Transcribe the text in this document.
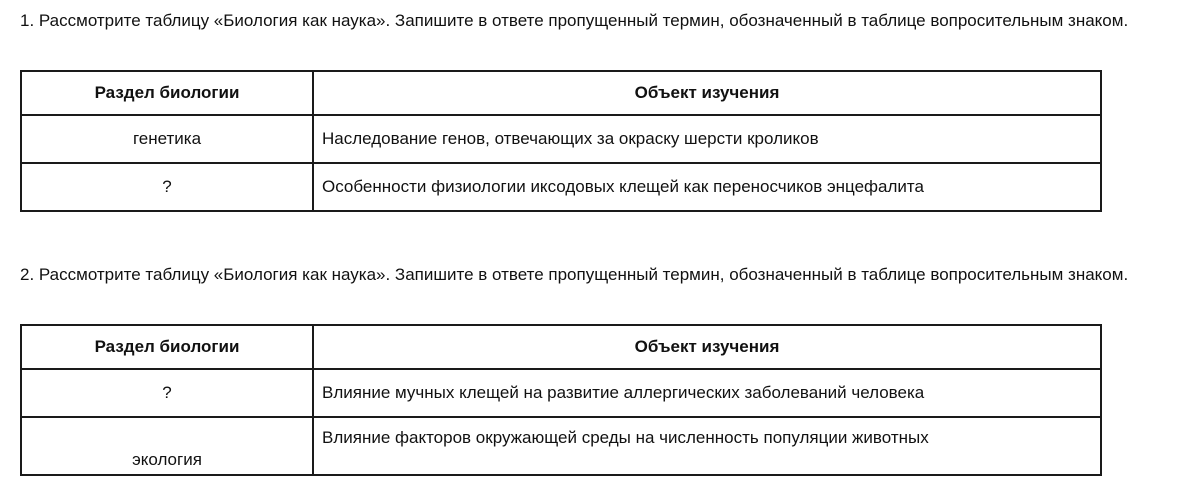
1. Рассмотрите таблицу «Биология как наука». Запишите в ответе пропущенный термин, обозначенный в таблице вопросительным знаком.

Раздел биологии	Объект изучения
генетика	Наследование генов, отвечающих за окраску шерсти кроликов
?	Особенности физиологии иксодовых клещей как переносчиков энцефалита

2. Рассмотрите таблицу «Биология как наука». Запишите в ответе пропущенный термин, обозначенный в таблице вопросительным знаком.

Раздел биологии	Объект изучения
?	Влияние мучных клещей на развитие аллергических заболеваний человека
экология	Влияние факторов окружающей среды на численность популяции животных
